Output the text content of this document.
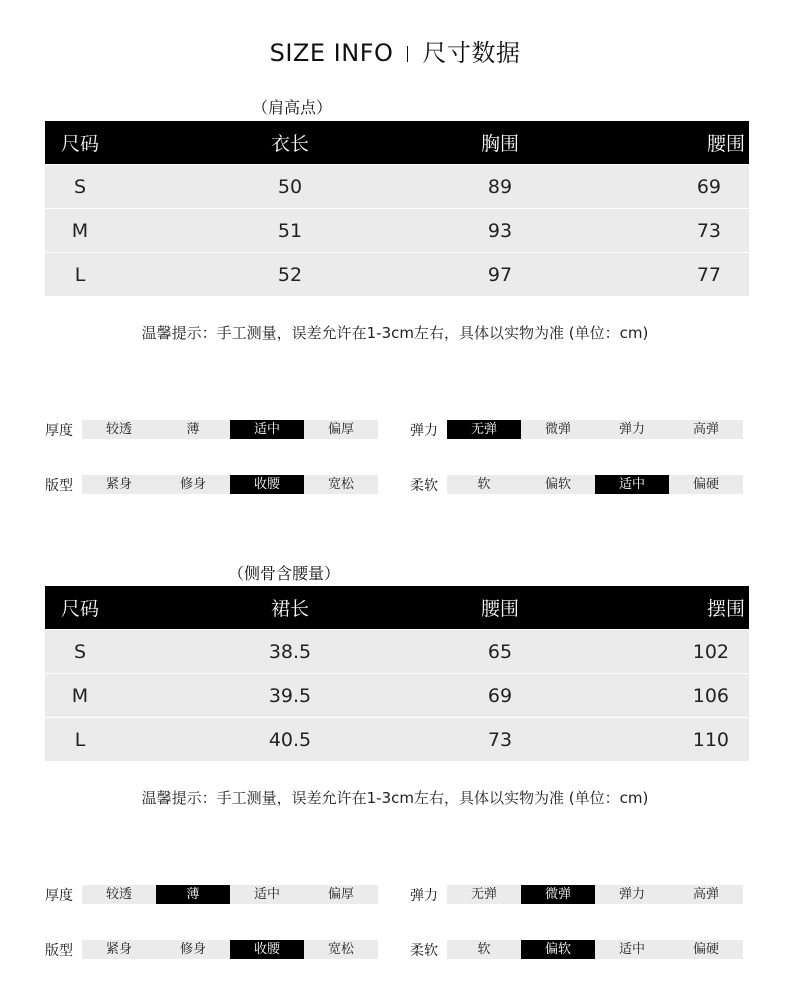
SIZE INFO 尺寸数据
（肩高点）
尺码	衣长	胸围	腰围
S	50	89	69
M	51	93	73
L	52	97	77
温馨提示：手工测量，误差允许在1-3cm左右，具体以实物为准 (单位：cm)
厚度	较透	薄	适中	偏厚	弹力	无弹	微弹	弹力	高弹
版型	紧身	修身	收腰	宽松	柔软	软	偏软	适中	偏硬
（侧骨含腰量）
尺码	裙长	腰围	摆围
S	38.5	65	102
M	39.5	69	106
L	40.5	73	110
温馨提示：手工测量，误差允许在1-3cm左右，具体以实物为准 (单位：cm)
厚度	较透	薄	适中	偏厚	弹力	无弹	微弹	弹力	高弹
版型	紧身	修身	收腰	宽松	柔软	软	偏软	适中	偏硬
